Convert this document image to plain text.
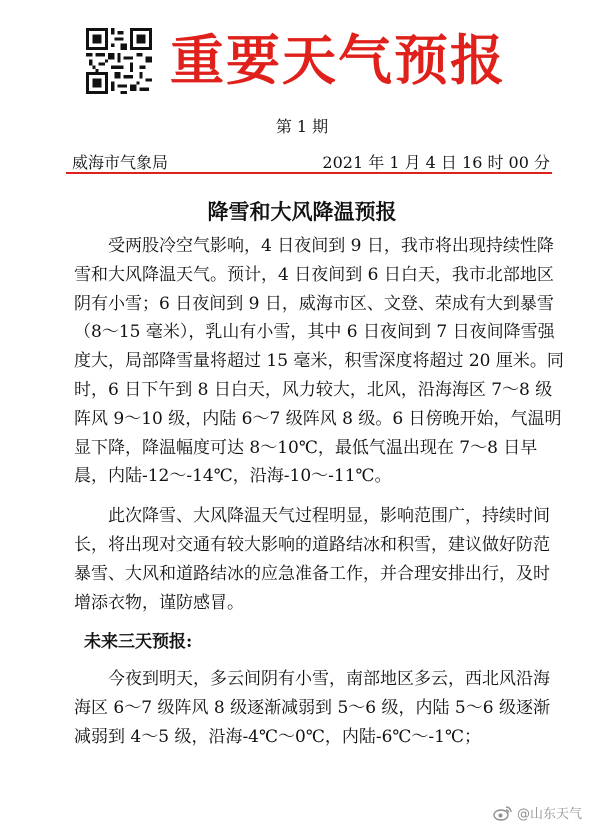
重要天气预报
第 1 期
威海市气象局	2021 年 1 月 4 日 16 时 00 分
降雪和大风降温预报

受两股冷空气影响，4 日夜间到 9 日，我市将出现持续性降雪和大风降温天气。预计，4 日夜间到 6 日白天，我市北部地区阴有小雪；6 日夜间到 9 日，威海市区、文登、荣成有大到暴雪（8～15 毫米），乳山有小雪，其中 6 日夜间到 7 日夜间降雪强度大，局部降雪量将超过 15 毫米，积雪深度将超过 20 厘米。同时，6 日下午到 8 日白天，风力较大，北风，沿海海区 7～8 级阵风 9～10 级，内陆 6～7 级阵风 8 级。6 日傍晚开始，气温明显下降，降温幅度可达 8～10℃，最低气温出现在 7～8 日早晨，内陆-12～-14℃，沿海-10～-11℃。

此次降雪、大风降温天气过程明显，影响范围广，持续时间长，将出现对交通有较大影响的道路结冰和积雪，建议做好防范暴雪、大风和道路结冰的应急准备工作，并合理安排出行，及时增添衣物，谨防感冒。

未来三天预报:

今夜到明天，多云间阴有小雪，南部地区多云，西北风沿海海区 6～7 级阵风 8 级逐渐减弱到 5～6 级，内陆 5～6 级逐渐减弱到 4～5 级，沿海-4℃～0℃，内陆-6℃～-1℃；

@山东天气
